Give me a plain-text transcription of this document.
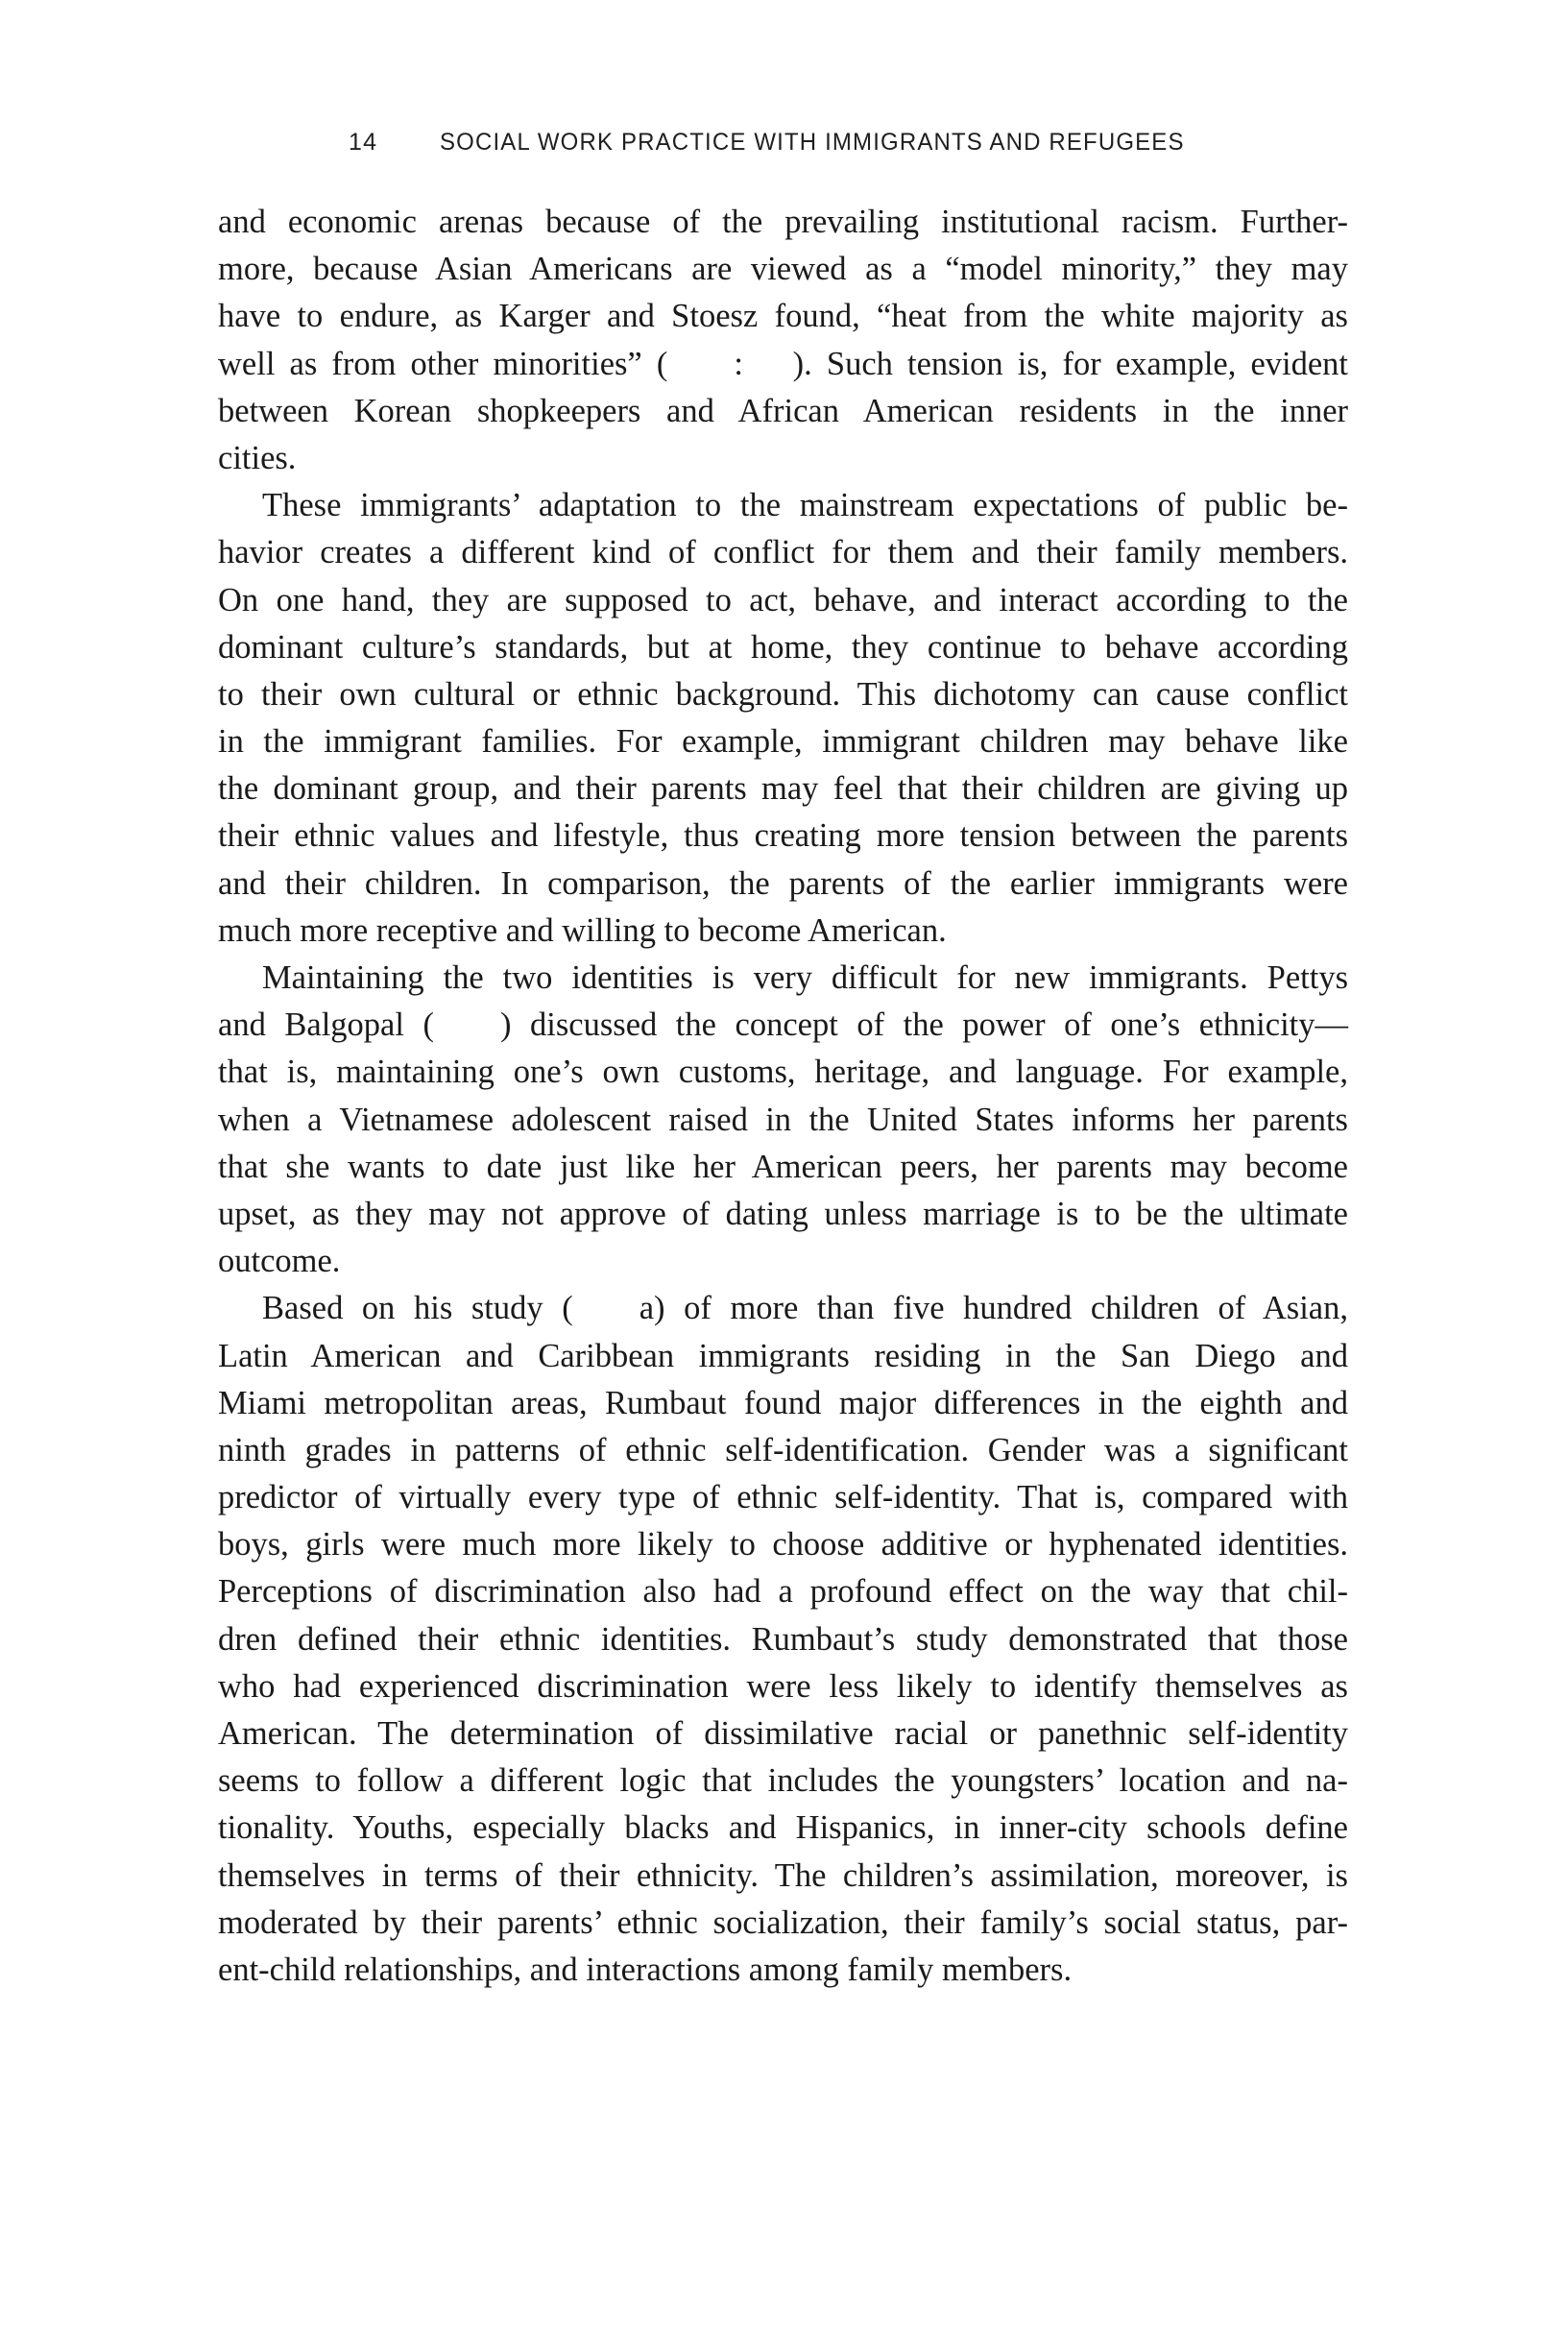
14	SOCIAL WORK PRACTICE WITH IMMIGRANTS AND REFUGEES
and economic arenas because of the prevailing institutional racism. Further-
more, because Asian Americans are viewed as a “model minority,” they may
have to endure, as Karger and Stoesz found, “heat from the white majority as
well as from other minorities” (  :  ). Such tension is, for example, evident
between Korean shopkeepers and African American residents in the inner
cities.
These immigrants’ adaptation to the mainstream expectations of public be-
havior creates a different kind of conflict for them and their family members.
On one hand, they are supposed to act, behave, and interact according to the
dominant culture’s standards, but at home, they continue to behave according
to their own cultural or ethnic background. This dichotomy can cause conflict
in the immigrant families. For example, immigrant children may behave like
the dominant group, and their parents may feel that their children are giving up
their ethnic values and lifestyle, thus creating more tension between the parents
and their children. In comparison, the parents of the earlier immigrants were
much more receptive and willing to become American.
Maintaining the two identities is very difficult for new immigrants. Pettys
and Balgopal (  ) discussed the concept of the power of one’s ethnicity—
that is, maintaining one’s own customs, heritage, and language. For example,
when a Vietnamese adolescent raised in the United States informs her parents
that she wants to date just like her American peers, her parents may become
upset, as they may not approve of dating unless marriage is to be the ultimate
outcome.
Based on his study (  a) of more than five hundred children of Asian,
Latin American and Caribbean immigrants residing in the San Diego and
Miami metropolitan areas, Rumbaut found major differences in the eighth and
ninth grades in patterns of ethnic self-identification. Gender was a significant
predictor of virtually every type of ethnic self-identity. That is, compared with
boys, girls were much more likely to choose additive or hyphenated identities.
Perceptions of discrimination also had a profound effect on the way that chil-
dren defined their ethnic identities. Rumbaut’s study demonstrated that those
who had experienced discrimination were less likely to identify themselves as
American. The determination of dissimilative racial or panethnic self-identity
seems to follow a different logic that includes the youngsters’ location and na-
tionality. Youths, especially blacks and Hispanics, in inner-city schools define
themselves in terms of their ethnicity. The children’s assimilation, moreover, is
moderated by their parents’ ethnic socialization, their family’s social status, par-
ent-child relationships, and interactions among family members.
